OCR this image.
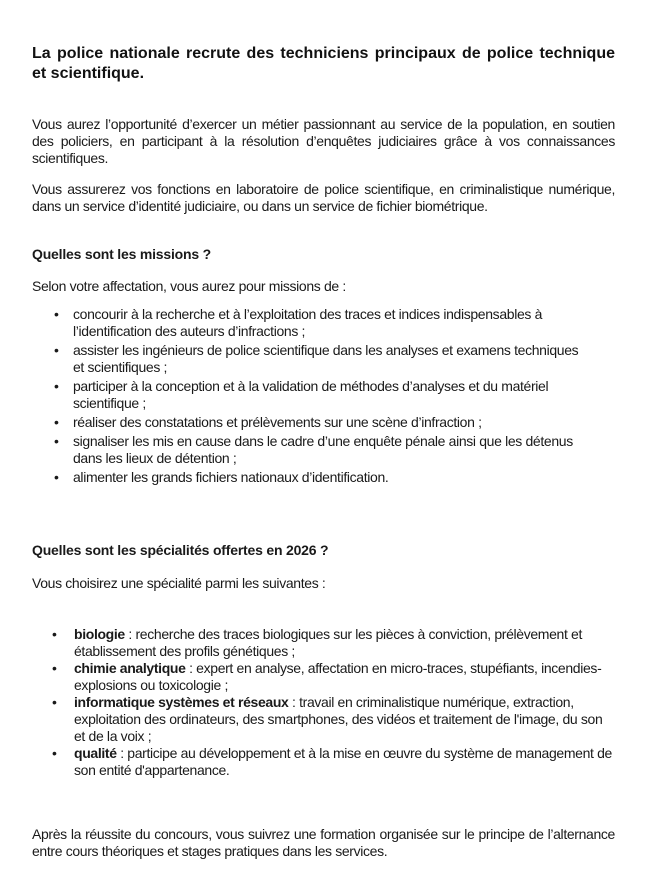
La police nationale recrute des techniciens principaux de police technique et scientifique.
Vous aurez l’opportunité d’exercer un métier passionnant au service de la population, en soutien des policiers, en participant à la résolution d’enquêtes judiciaires grâce à vos connaissances scientifiques.
Vous assurerez vos fonctions en laboratoire de police scientifique, en criminalistique numérique, dans un service d’identité judiciaire, ou dans un service de fichier biométrique.
Quelles sont les missions ?
Selon votre affectation, vous aurez pour missions de :
• concourir à la recherche et à l’exploitation des traces et indices indispensables à l’identification des auteurs d’infractions ;
• assister les ingénieurs de police scientifique dans les analyses et examens techniques et scientifiques ;
• participer à la conception et à la validation de méthodes d’analyses et du matériel scientifique ;
• réaliser des constatations et prélèvements sur une scène d’infraction ;
• signaliser les mis en cause dans le cadre d’une enquête pénale ainsi que les détenus dans les lieux de détention ;
• alimenter les grands fichiers nationaux d’identification.
Quelles sont les spécialités offertes en 2026 ?
Vous choisirez une spécialité parmi les suivantes :
• biologie : recherche des traces biologiques sur les pièces à conviction, prélèvement et établissement des profils génétiques ;
• chimie analytique : expert en analyse, affectation en micro-traces, stupéfiants, incendies-explosions ou toxicologie ;
• informatique systèmes et réseaux : travail en criminalistique numérique, extraction, exploitation des ordinateurs, des smartphones, des vidéos et traitement de l'image, du son et de la voix ;
• qualité : participe au développement et à la mise en œuvre du système de management de son entité d'appartenance.
Après la réussite du concours, vous suivrez une formation organisée sur le principe de l’alternance entre cours théoriques et stages pratiques dans les services.
